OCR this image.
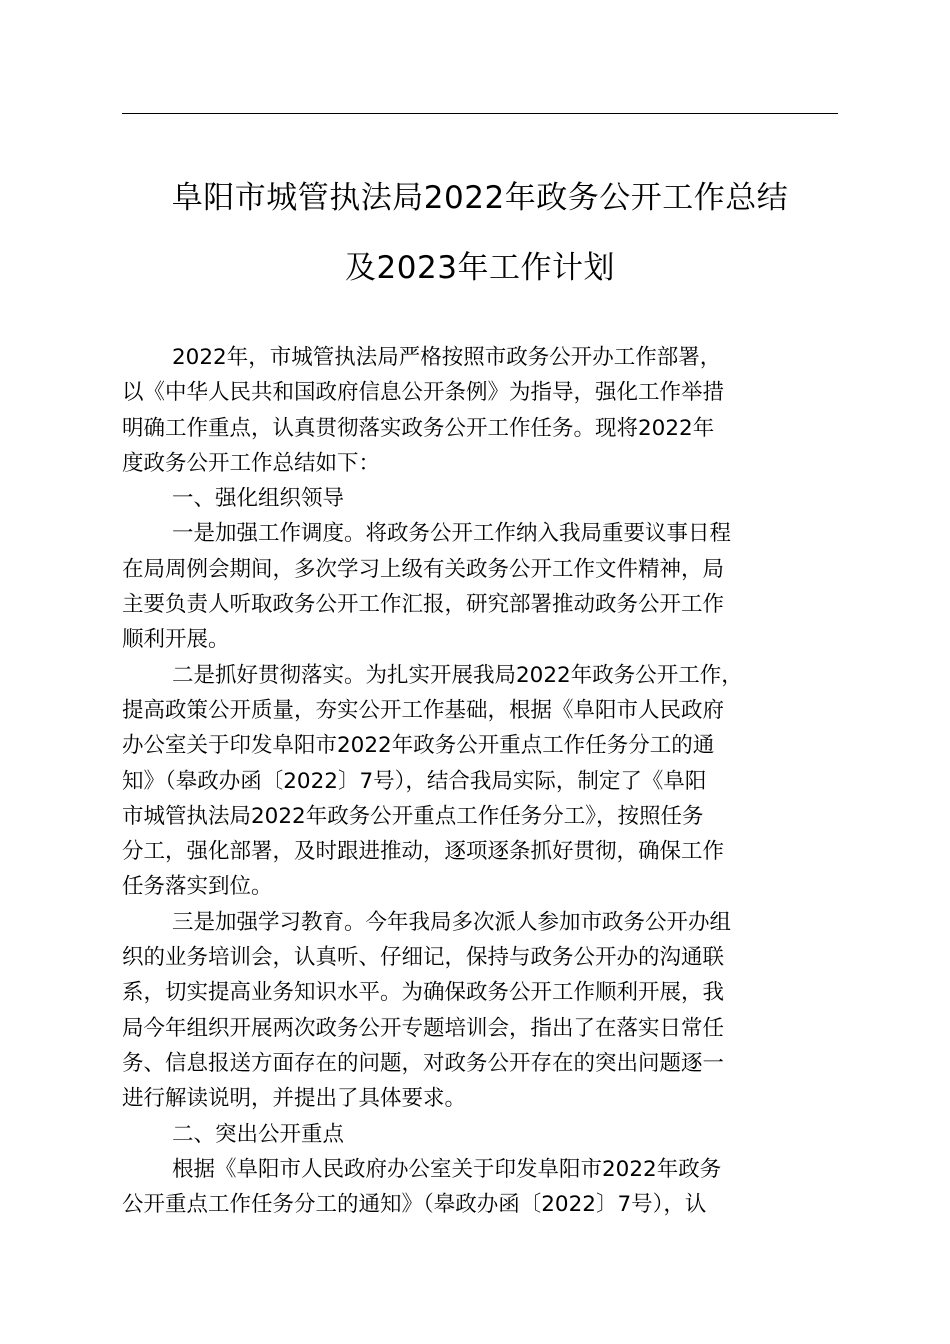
阜阳市城管执法局2022年政务公开工作总结
及2023年工作计划
2022年，市城管执法局严格按照市政务公开办工作部署，
以《中华人民共和国政府信息公开条例》为指导，强化工作举措
明确工作重点，认真贯彻落实政务公开工作任务。现将2022年
度政务公开工作总结如下：
一、强化组织领导
一是加强工作调度。将政务公开工作纳入我局重要议事日程
在局周例会期间，多次学习上级有关政务公开工作文件精神，局
主要负责人听取政务公开工作汇报，研究部署推动政务公开工作
顺利开展。
二是抓好贯彻落实。为扎实开展我局2022年政务公开工作，
提高政策公开质量，夯实公开工作基础，根据《阜阳市人民政府
办公室关于印发阜阳市2022年政务公开重点工作任务分工的通
知》（皋政办函〔2022〕7号），结合我局实际，制定了《阜阳
市城管执法局2022年政务公开重点工作任务分工》，按照任务
分工，强化部署，及时跟进推动，逐项逐条抓好贯彻，确保工作
任务落实到位。
三是加强学习教育。今年我局多次派人参加市政务公开办组
织的业务培训会，认真听、仔细记，保持与政务公开办的沟通联
系，切实提高业务知识水平。为确保政务公开工作顺利开展，我
局今年组织开展两次政务公开专题培训会，指出了在落实日常任
务、信息报送方面存在的问题，对政务公开存在的突出问题逐一
进行解读说明，并提出了具体要求。
二、突出公开重点
根据《阜阳市人民政府办公室关于印发阜阳市2022年政务
公开重点工作任务分工的通知》（皋政办函〔2022〕7号），认
